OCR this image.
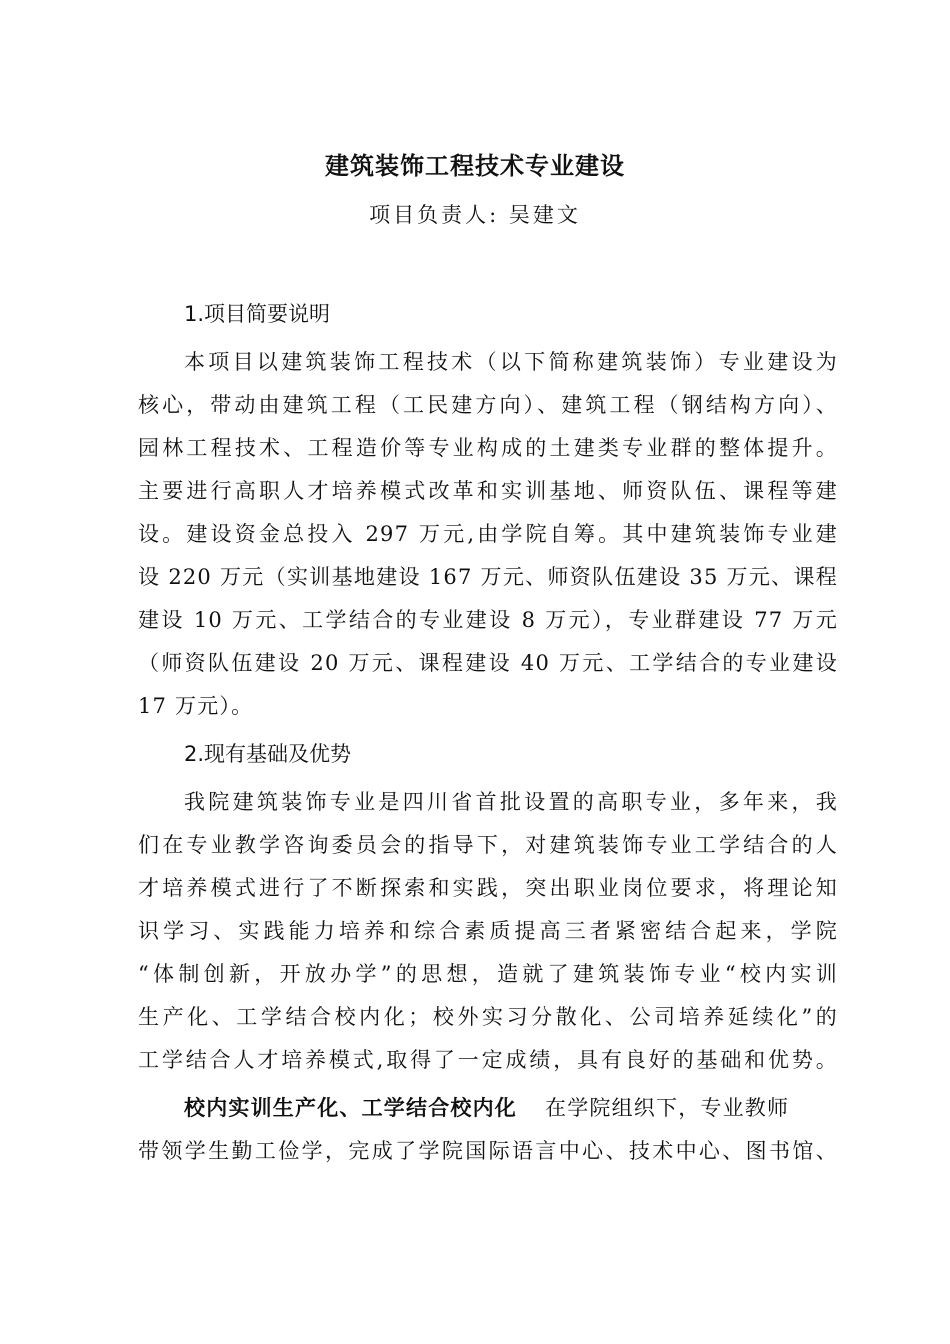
建筑装饰工程技术专业建设
项目负责人: 吴建文
1.项目简要说明
本项目以建筑装饰工程技术（以下简称建筑装饰）专业建设为
核心，带动由建筑工程（工民建方向）、建筑工程（钢结构方向）、
园林工程技术、工程造价等专业构成的土建类专业群的整体提升。
主要进行高职人才培养模式改革和实训基地、师资队伍、课程等建
设。建设资金总投入 297 万元,由学院自筹。其中建筑装饰专业建
设 220 万元（实训基地建设 167 万元、师资队伍建设 35 万元、课程
建设 10 万元、工学结合的专业建设 8 万元），专业群建设 77 万元
（师资队伍建设 20 万元、课程建设 40 万元、工学结合的专业建设
17 万元）。
2.现有基础及优势
我院建筑装饰专业是四川省首批设置的高职专业，多年来，我
们在专业教学咨询委员会的指导下，对建筑装饰专业工学结合的人
才培养模式进行了不断探索和实践，突出职业岗位要求，将理论知
识学习、实践能力培养和综合素质提高三者紧密结合起来，学院
“体制创新，开放办学”的思想，造就了建筑装饰专业“校内实训
生产化、工学结合校内化；校外实习分散化、公司培养延续化”的
工学结合人才培养模式,取得了一定成绩，具有良好的基础和优势。
校内实训生产化、工学结合校内化 在学院组织下，专业教师
带领学生勤工俭学，完成了学院国际语言中心、技术中心、图书馆、
